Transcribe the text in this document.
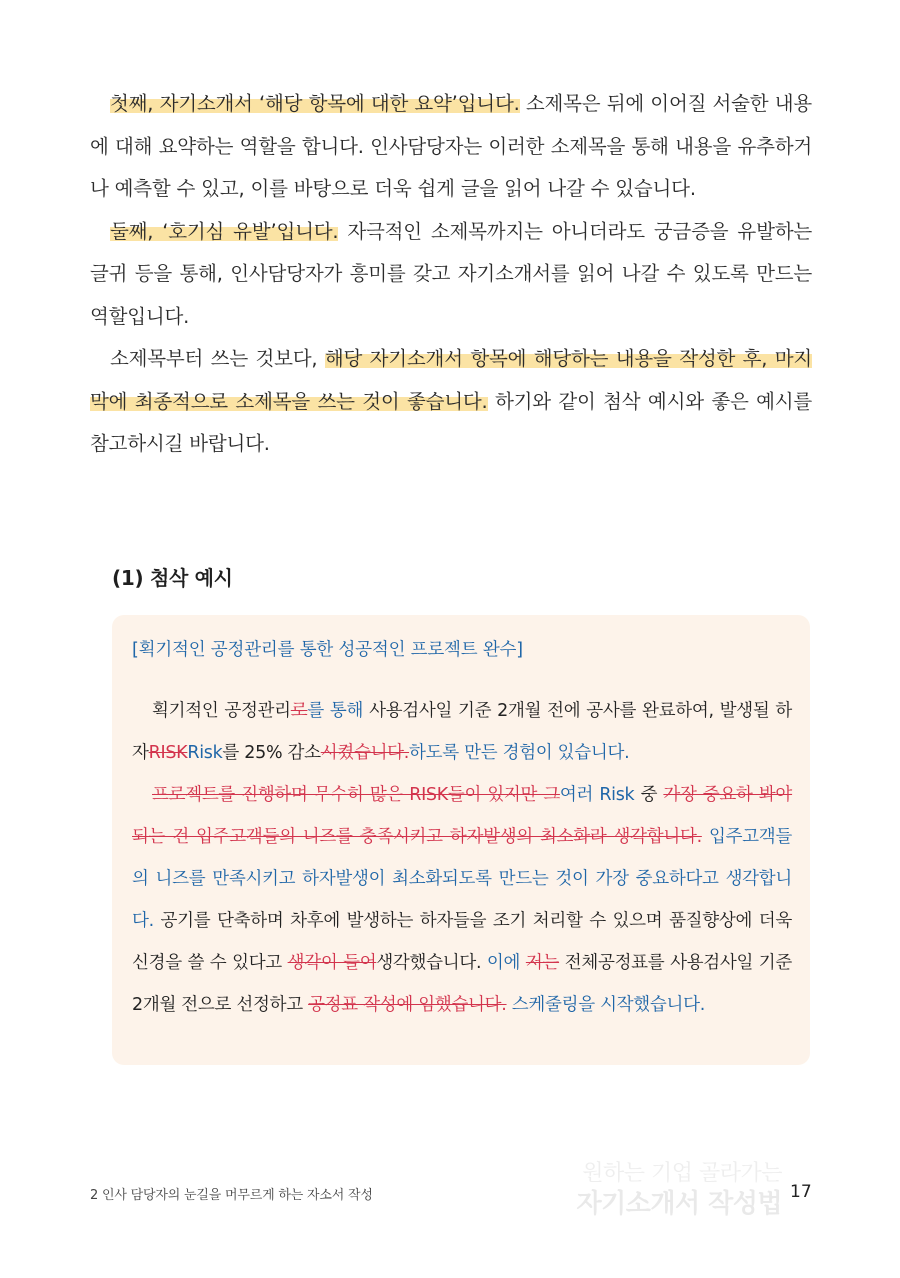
첫째, 자기소개서 ‘해당 항목에 대한 요약’입니다. 소제목은 뒤에 이어질 서술한 내용에 대해 요약하는 역할을 합니다. 인사담당자는 이러한 소제목을 통해 내용을 유추하거나 예측할 수 있고, 이를 바탕으로 더욱 쉽게 글을 읽어 나갈 수 있습니다.

둘째, ‘호기심 유발’입니다. 자극적인 소제목까지는 아니더라도 궁금증을 유발하는 글귀 등을 통해, 인사담당자가 흥미를 갖고 자기소개서를 읽어 나갈 수 있도록 만드는 역할입니다.

소제목부터 쓰는 것보다, 해당 자기소개서 항목에 해당하는 내용을 작성한 후, 마지막에 최종적으로 소제목을 쓰는 것이 좋습니다. 하기와 같이 첨삭 예시와 좋은 예시를 참고하시길 바랍니다.

(1) 첨삭 예시

[획기적인 공정관리를 통한 성공적인 프로젝트 완수]

획기적인 공정관리로를 통해 사용검사일 기준 2개월 전에 공사를 완료하여, 발생될 하자RISKRisk를 25% 감소시켰습니다.하도록 만든 경험이 있습니다.

프로젝트를 진행하며 무수히 많은 RISK들이 있지만 그여러 Risk 중 가장 중요하 봐야되는 건 입주고객들의 니즈를 충족시키고 하자발생의 최소화라 생각합니다. 입주고객들의 니즈를 만족시키고 하자발생이 최소화되도록 만드는 것이 가장 중요하다고 생각합니다. 공기를 단축하며 차후에 발생하는 하자들을 조기 처리할 수 있으며 품질향상에 더욱 신경을 쓸 수 있다고 생각이 들어생각했습니다. 이에 저는 전체공정표를 사용검사일 기준 2개월 전으로 선정하고 공정표 작성에 임했습니다. 스케줄링을 시작했습니다.

2 인사 담당자의 눈길을 머무르게 하는 자소서 작성
원하는 기업 골라가는
자기소개서 작성법 17
